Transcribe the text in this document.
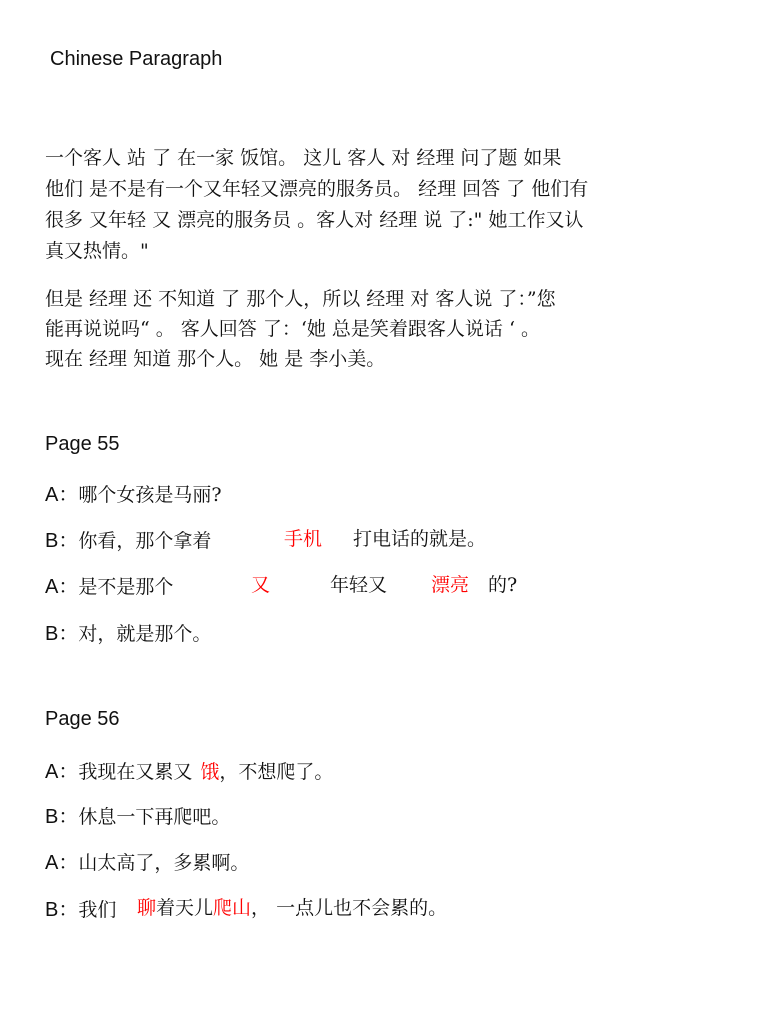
Chinese Paragraph
一个客人 站 了 在一家 饭馆。 这儿 客人 对 经理 问了题 如果
他们 是不是有一个又年轻又漂亮的服务员。 经理 回答 了 他们有
很多 又年轻 又 漂亮的服务员 。客人对 经理 说 了:" 她工作又认
真又热情。"
但是 经理 还 不知道 了 那个人，所以 经理 对 客人说 了：”您
能再说说吗“ 。 客人回答 了：‘她 总是笑着跟客人说话 ‘ 。
现在 经理 知道 那个人。 她 是 李小美。
Page 55
A：哪个女孩是马丽?
B：你看，那个拿着	手机 打电话的就是。
A：是不是那个	又	年轻又 漂亮 的?
B：对，就是那个。
Page 56
A：我现在又累又 饿，不想爬了。
B：休息一下再爬吧。
A：山太高了，多累啊。
B：我们 聊着天儿爬山， 一点儿也不会累的。
